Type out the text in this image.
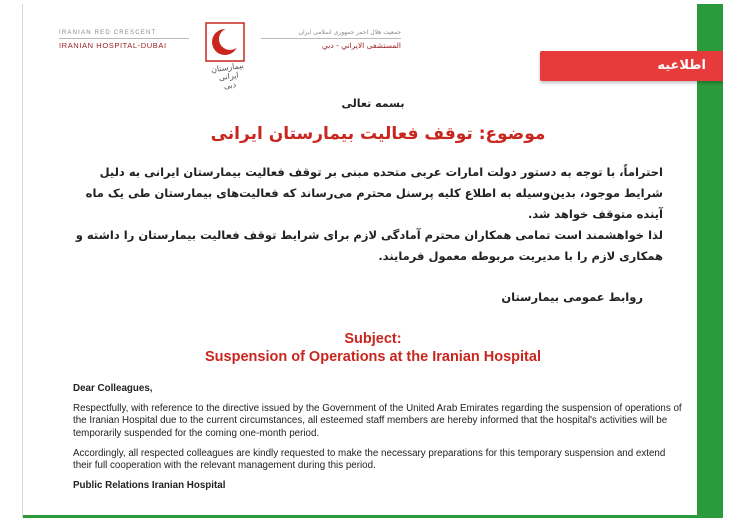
IRANIAN RED CRESCENT
IRANIAN HOSPITAL-DUBAI
بیمارستان ایرانی
دبی
جمعیت هلال احمر جمهوری اسلامی ایران
المستشفى الايراني - دبي
اطلاعیه
بسمه تعالی
موضوع: توقف فعالیت بیمارستان ایرانی

احتراماً، با توجه به دستور دولت امارات عربی متحده مبنی بر توقف فعالیت بیمارستان ایرانی به دلیل شرایط موجود، بدین‌وسیله به اطلاع کلیه پرسنل محترم می‌رساند که فعالیت‌های بیمارستان طی یک ماه آینده متوقف خواهد شد.

لذا خواهشمند است تمامی همکاران محترم آمادگی لازم برای شرایط توقف فعالیت بیمارستان را داشته و همکاری لازم را با مدیریت مربوطه معمول فرمایند.

روابط عمومی بیمارستان
Subject:
Suspension of Operations at the Iranian Hospital
Dear Colleagues,

Respectfully, with reference to the directive issued by the Government of the United Arab Emirates regarding the suspension of operations of the Iranian Hospital due to the current circumstances, all esteemed staff members are hereby informed that the hospital's activities will be temporarily suspended for the coming one-month period.

Accordingly, all respected colleagues are kindly requested to make the necessary preparations for this temporary suspension and extend their full cooperation with the relevant management during this period.

Public Relations Iranian Hospital
